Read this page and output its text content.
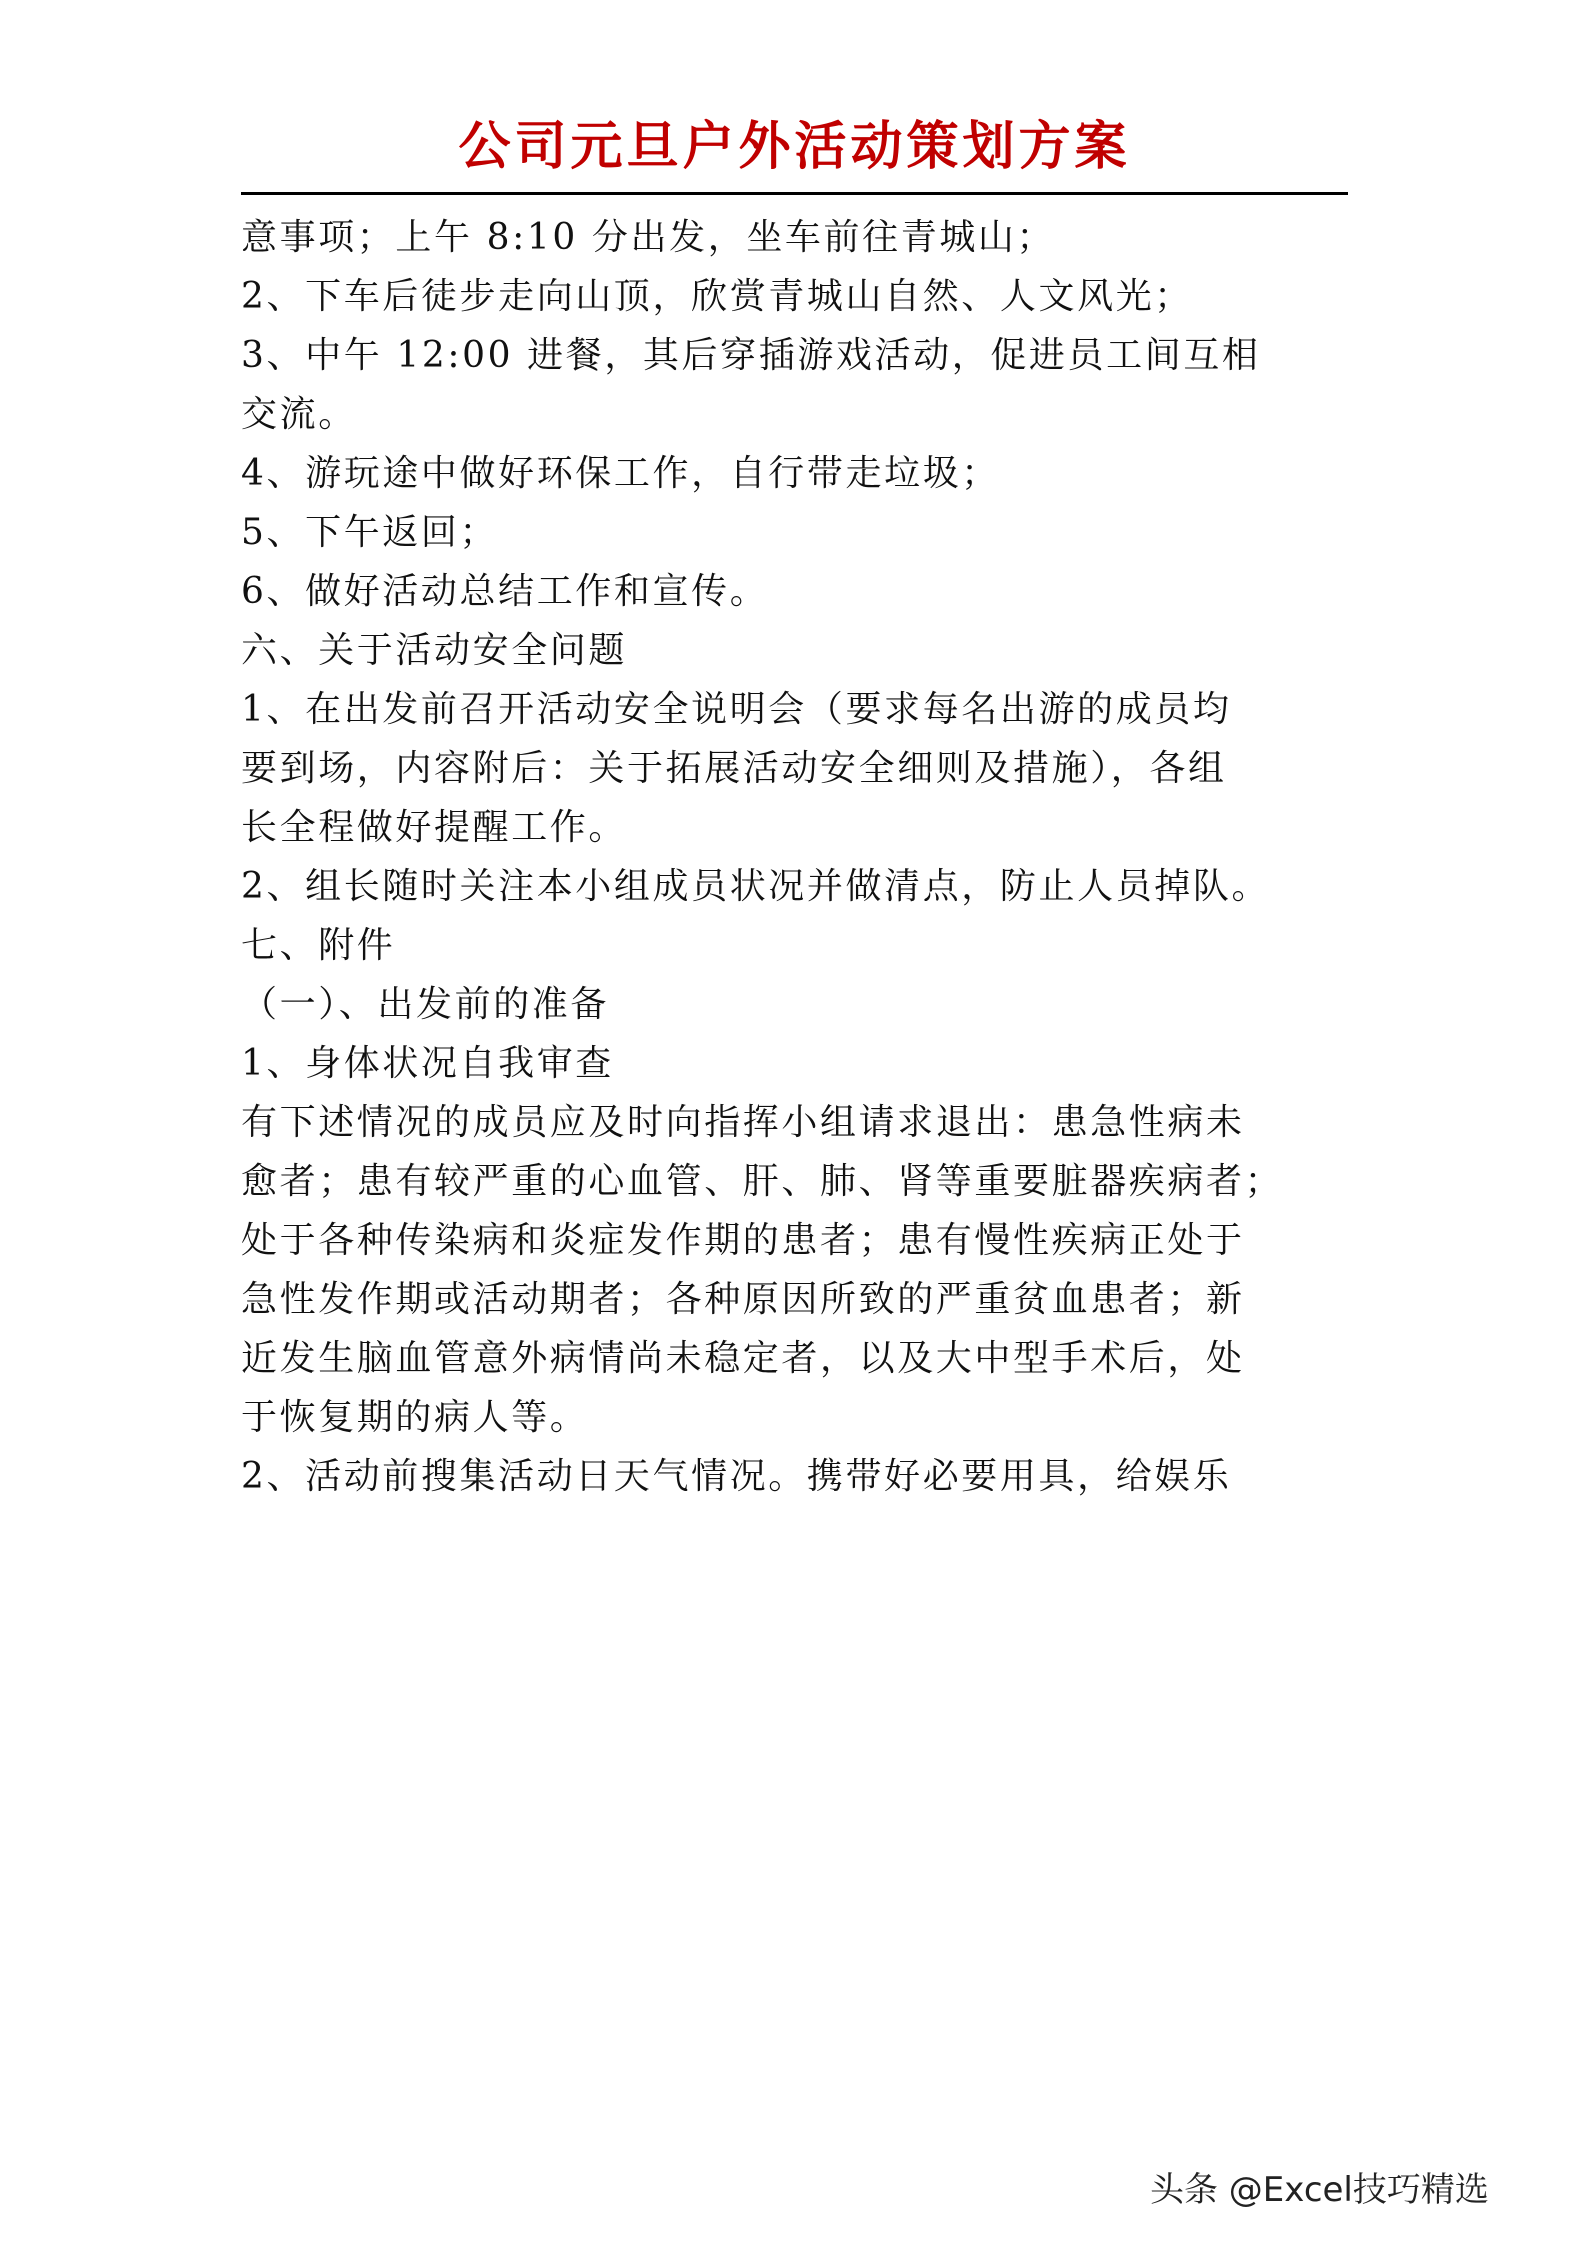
公司元旦户外活动策划方案
意事项；上午 8:10 分出发，坐车前往青城山；
2、下车后徒步走向山顶，欣赏青城山自然、人文风光；
3、中午 12:00 进餐，其后穿插游戏活动，促进员工间互相
交流。
4、游玩途中做好环保工作，自行带走垃圾；
5、下午返回；
6、做好活动总结工作和宣传。
六、关于活动安全问题
1、在出发前召开活动安全说明会（要求每名出游的成员均
要到场，内容附后：关于拓展活动安全细则及措施），各组
长全程做好提醒工作。
2、组长随时关注本小组成员状况并做清点，防止人员掉队。
七、附件
（一）、出发前的准备
1、身体状况自我审查
有下述情况的成员应及时向指挥小组请求退出：患急性病未
愈者；患有较严重的心血管、肝、肺、肾等重要脏器疾病者；
处于各种传染病和炎症发作期的患者；患有慢性疾病正处于
急性发作期或活动期者；各种原因所致的严重贫血患者；新
近发生脑血管意外病情尚未稳定者，以及大中型手术后，处
于恢复期的病人等。
2、活动前搜集活动日天气情况。携带好必要用具，给娱乐
头条 @Excel技巧精选
